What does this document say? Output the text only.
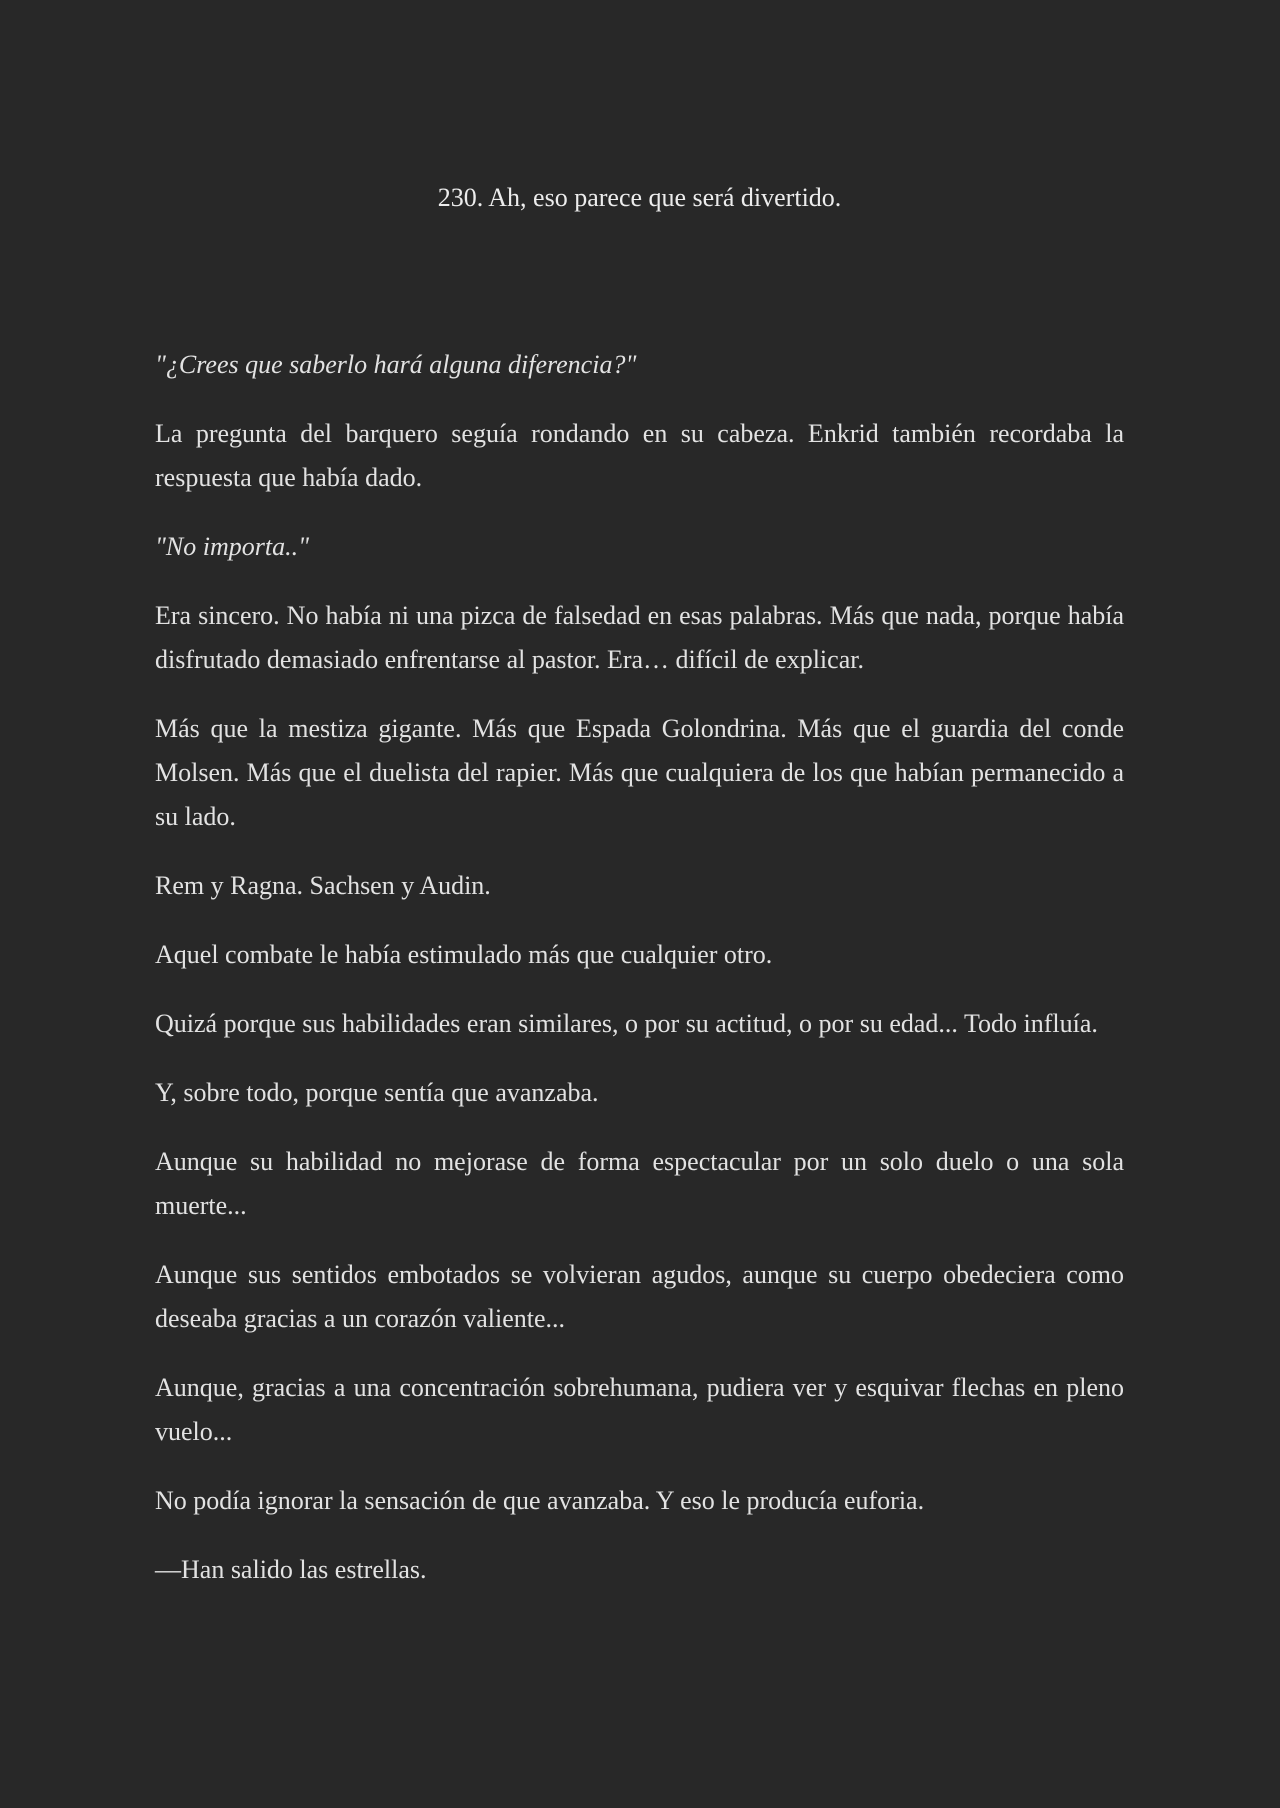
230. Ah, eso parece que será divertido.

"¿Crees que saberlo hará alguna diferencia?"

La pregunta del barquero seguía rondando en su cabeza. Enkrid también recordaba la respuesta que había dado.

"No importa.."

Era sincero. No había ni una pizca de falsedad en esas palabras. Más que nada, porque había disfrutado demasiado enfrentarse al pastor. Era… difícil de explicar.

Más que la mestiza gigante. Más que Espada Golondrina. Más que el guardia del conde Molsen. Más que el duelista del rapier. Más que cualquiera de los que habían permanecido a su lado.

Rem y Ragna. Sachsen y Audin.

Aquel combate le había estimulado más que cualquier otro.

Quizá porque sus habilidades eran similares, o por su actitud, o por su edad... Todo influía.

Y, sobre todo, porque sentía que avanzaba.

Aunque su habilidad no mejorase de forma espectacular por un solo duelo o una sola muerte...

Aunque sus sentidos embotados se volvieran agudos, aunque su cuerpo obedeciera como deseaba gracias a un corazón valiente...

Aunque, gracias a una concentración sobrehumana, pudiera ver y esquivar flechas en pleno vuelo...

No podía ignorar la sensación de que avanzaba. Y eso le producía euforia.

—Han salido las estrellas.
